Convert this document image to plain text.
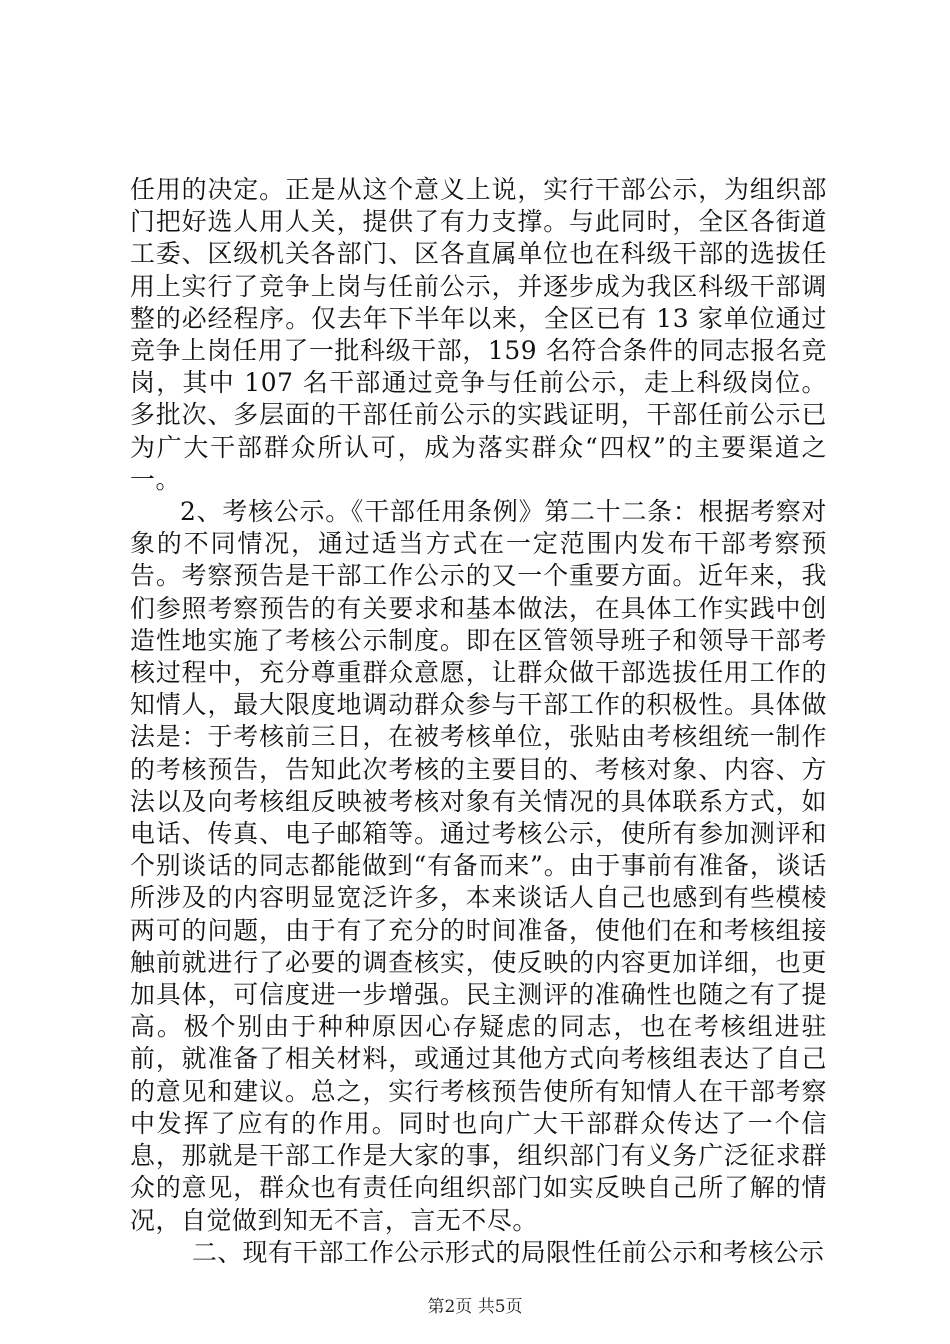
任用的决定。正是从这个意义上说，实行干部公示，为组织部门把好选人用人关，提供了有力支撑。与此同时，全区各街道工委、区级机关各部门、区各直属单位也在科级干部的选拔任用上实行了竞争上岗与任前公示，并逐步成为我区科级干部调整的必经程序。仅去年下半年以来，全区已有 13 家单位通过竞争上岗任用了一批科级干部，159 名符合条件的同志报名竞岗，其中 107 名干部通过竞争与任前公示，走上科级岗位。多批次、多层面的干部任前公示的实践证明，干部任前公示已为广大干部群众所认可，成为落实群众“四权”的主要渠道之一。

2、考核公示。《干部任用条例》第二十二条：根据考察对象的不同情况，通过适当方式在一定范围内发布干部考察预告。考察预告是干部工作公示的又一个重要方面。近年来，我们参照考察预告的有关要求和基本做法，在具体工作实践中创造性地实施了考核公示制度。即在区管领导班子和领导干部考核过程中，充分尊重群众意愿，让群众做干部选拔任用工作的知情人，最大限度地调动群众参与干部工作的积极性。具体做法是：于考核前三日，在被考核单位，张贴由考核组统一制作的考核预告，告知此次考核的主要目的、考核对象、内容、方法以及向考核组反映被考核对象有关情况的具体联系方式，如电话、传真、电子邮箱等。通过考核公示，使所有参加测评和个别谈话的同志都能做到“有备而来”。由于事前有准备，谈话所涉及的内容明显宽泛许多，本来谈话人自己也感到有些模棱两可的问题，由于有了充分的时间准备，使他们在和考核组接触前就进行了必要的调查核实，使反映的内容更加详细，也更加具体，可信度进一步增强。民主测评的准确性也随之有了提高。极个别由于种种原因心存疑虑的同志，也在考核组进驻前，就准备了相关材料，或通过其他方式向考核组表达了自己的意见和建议。总之，实行考核预告使所有知情人在干部考察中发挥了应有的作用。同时也向广大干部群众传达了一个信息，那就是干部工作是大家的事，组织部门有义务广泛征求群众的意见，群众也有责任向组织部门如实反映自己所了解的情况，自觉做到知无不言，言无不尽。

二、现有干部工作公示形式的局限性任前公示和考核公示

第2页 共5页
